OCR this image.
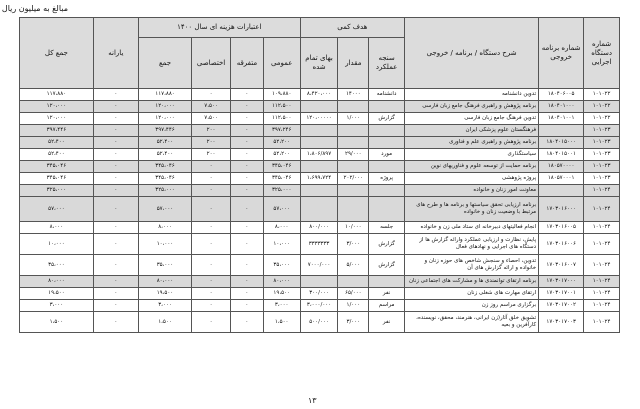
مبالغ به میلیون ریال
شماره دستگاه اجرایی	شماره برنامه خروجی	شرح دستگاه / برنامه / خروجی	هدف کمی			اعتبارات هزینه ای سال ۱۴۰۰				یارانه	جمع کل
			سنجه عملکرد	مقدار	بهای تمام شده	عمومی	متفرقه	اختصاصی	جمع		
۱۰۱۰۲۲	۱۸۰۴۰۶۰۰۵	تدوین دانشنامه	دانشنامه	۱۴۰۰۰	۸،۴۲۰،۰۰۰	۱۰۹،۸۸۰	۰	۰	۱۱۷،۸۸۰	۰	۱۱۷،۸۸۰
۱۰۱۰۲۲	۱۸۰۴۰۱۰۰۰	برنامه پژوهش و راهبری فرهنگ جامع زبان فارسی				۱۱۲،۵۰۰	۰	۷،۵۰۰	۱۲۰،۰۰۰	۰	۱۲۰،۰۰۰
۱۰۱۰۲۲	۱۸۰۴۰۱۰۰۱	تدوین فرهنگ جامع زبان فارسی	گزارش	۱/۰۰۰	۱۲۰،۰۰۰۰۰	۱۱۲،۵۰۰	۰	۷،۵۰۰	۱۲۰،۰۰۰	۰	۱۲۰،۰۰۰
۱۰۱۰۲۳		فرهنگستان علوم پزشکی ایران				۳۹۷،۲۴۶	۰	۲۰۰	۳۹۷،۴۴۶	۰	۳۹۷،۴۴۶
۱۰۱۰۲۳	۱۸۰۴۰۱۵۰۰۰	برنامه پژوهش و راهبری علم و فناوری				۵۲،۲۰۰	۰	۲۰۰	۵۲،۴۰۰	۰	۵۲،۴۰۰
۱۰۱۰۲۳	۱۸۰۴۰۱۵۰۰۱	سیاستگذاری	مورد	۲۹/۰۰۰	۱،۸۰۶/۸۹۷	۵۲،۲۰۰	۰	۲۰۰	۵۲،۴۰۰	۰	۵۲،۴۰۰
۱۰۱۰۲۳	۱۸۰۵۷۰۰۰۰	برنامه حمایت از توسعه علوم و فناوریهای نوین				۳۴۵،۰۴۶	۰	۰	۳۴۵،۰۴۶	۰	۳۴۵،۰۴۶
۱۰۱۰۲۳	۱۸۰۵۷۰۰۰۱	پروژه پژوهشی	پروژه	۲۰۲/۰۰۰	۱،۶۹۹،۷۲۴	۳۴۵،۰۴۶	۰	۰	۳۴۵،۰۴۶	۰	۳۴۵،۰۴۶
۱۰۱۰۲۴		معاونت امور زنان و خانواده				۳۲۵،۰۰۰	۰	۰	۳۲۵،۰۰۰	۰	۳۲۵،۰۰۰
۱۰۱۰۲۴	۱۷۰۳۰۱۶۰۰۰	برنامه ارزیابی تحقق سیاستها و برنامه ها و طرح های مرتبط با وضعیت زنان و خانواده				۵۷،۰۰۰	۰	۰	۵۷،۰۰۰	۰	۵۷،۰۰۰
۱۰۱۰۲۴	۱۷۰۳۰۱۶۰۰۵	انجام فعالیتهای دبیرخانه ای ستاد ملی زن و خانواده	جلسه	۱۰/۰۰۰	۸۰۰/۰۰۰	۸،۰۰۰	۰	۰	۸،۰۰۰	۰	۸،۰۰۰
۱۰۱۰۲۴	۱۷۰۳۰۱۶۰۰۶	پایش، نظارت و ارزیابی عملکرد وارائه گزارش ها از دستگاه های اجرایی و نهادهای فعال	گزارش	۳/۰۰۰	۳۳۳۳۳۳۳	۱۰،۰۰۰	۰	۰	۱۰،۰۰۰	۰	۱۰،۰۰۰
۱۰۱۰۲۴	۱۷۰۳۰۱۶۰۰۷	تدوین، احصاء و سنجش شاخص های حوزه زنان و خانواده و ارائه گزارش های آن	گزارش	۵/۰۰۰	۷۰۰۰/۰۰۰	۳۵،۰۰۰	۰	۰	۳۵،۰۰۰	۰	۳۵،۰۰۰
۱۰۱۰۲۴	۱۷۰۳۰۱۷۰۰۰	برنامه ارتقای توانمندی ها و مشارکت های اجتماعی زنان				۸۰،۰۰۰	۰	۰	۸۰،۰۰۰	۰	۸۰،۰۰۰
۱۰۱۰۲۴	۱۷۰۳۰۱۷۰۰۱	ارتقای مهارت های شغلی زنان	نفر	۶۵/۰۰۰	۳۰۰/۰۰۰	۱۹،۵۰۰	۰	۰	۱۹،۵۰۰	۰	۱۹،۵۰۰
۱۰۱۰۲۴	۱۷۰۳۰۱۷۰۰۲	برگزاری مراسم روز زن	مراسم	۱/۰۰۰	۳،۰۰۰/۰۰۰	۳،۰۰۰	۰	۰	۳،۰۰۰	۰	۳،۰۰۰
۱۰۱۰۲۴	۱۷۰۳۰۱۷۰۰۳	تشویق خلق آثار(زن ایرانی، هنرمند، محقق، نویسنده، کارآفرین و بعیه	نفر	۳/۰۰۰	۵۰۰/۰۰۰	۱،۵۰۰	۰	۰	۱،۵۰۰	۰	۱،۵۰۰
۱۳
